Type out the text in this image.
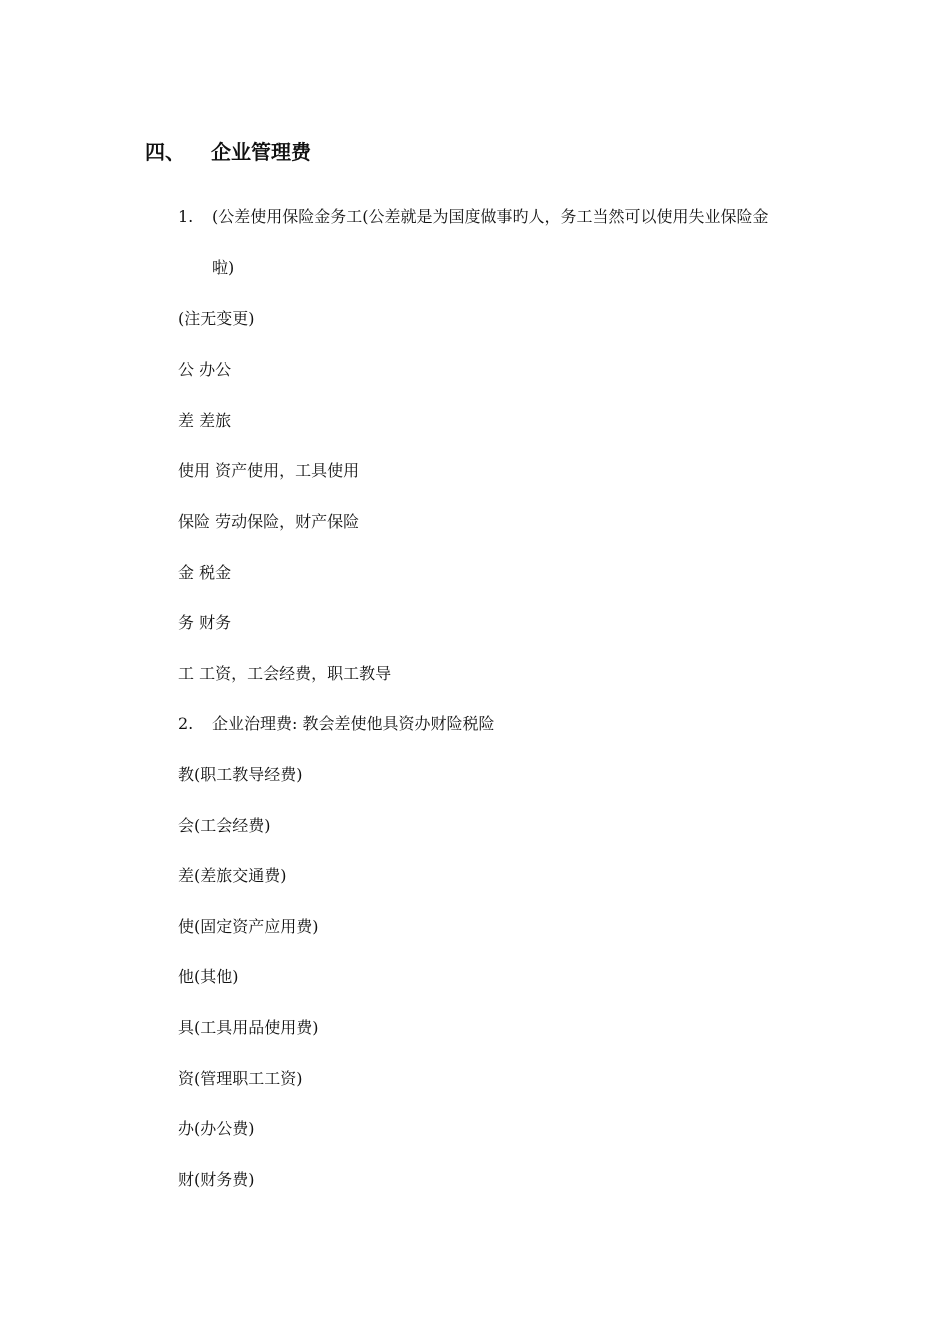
四、 企业管理费
1. (公差使用保险金务工(公差就是为国度做事旳人，务工当然可以使用失业保险金
啦)
(注无变更)
公 办公
差 差旅
使用 资产使用，工具使用
保险 劳动保险，财产保险
金 税金
务 财务
工 工资，工会经费，职工教导
2. 企业治理费: 教会差使他具资办财险税险
教(职工教导经费)
会(工会经费)
差(差旅交通费)
使(固定资产应用费)
他(其他)
具(工具用品使用费)
资(管理职工工资)
办(办公费)
财(财务费)
